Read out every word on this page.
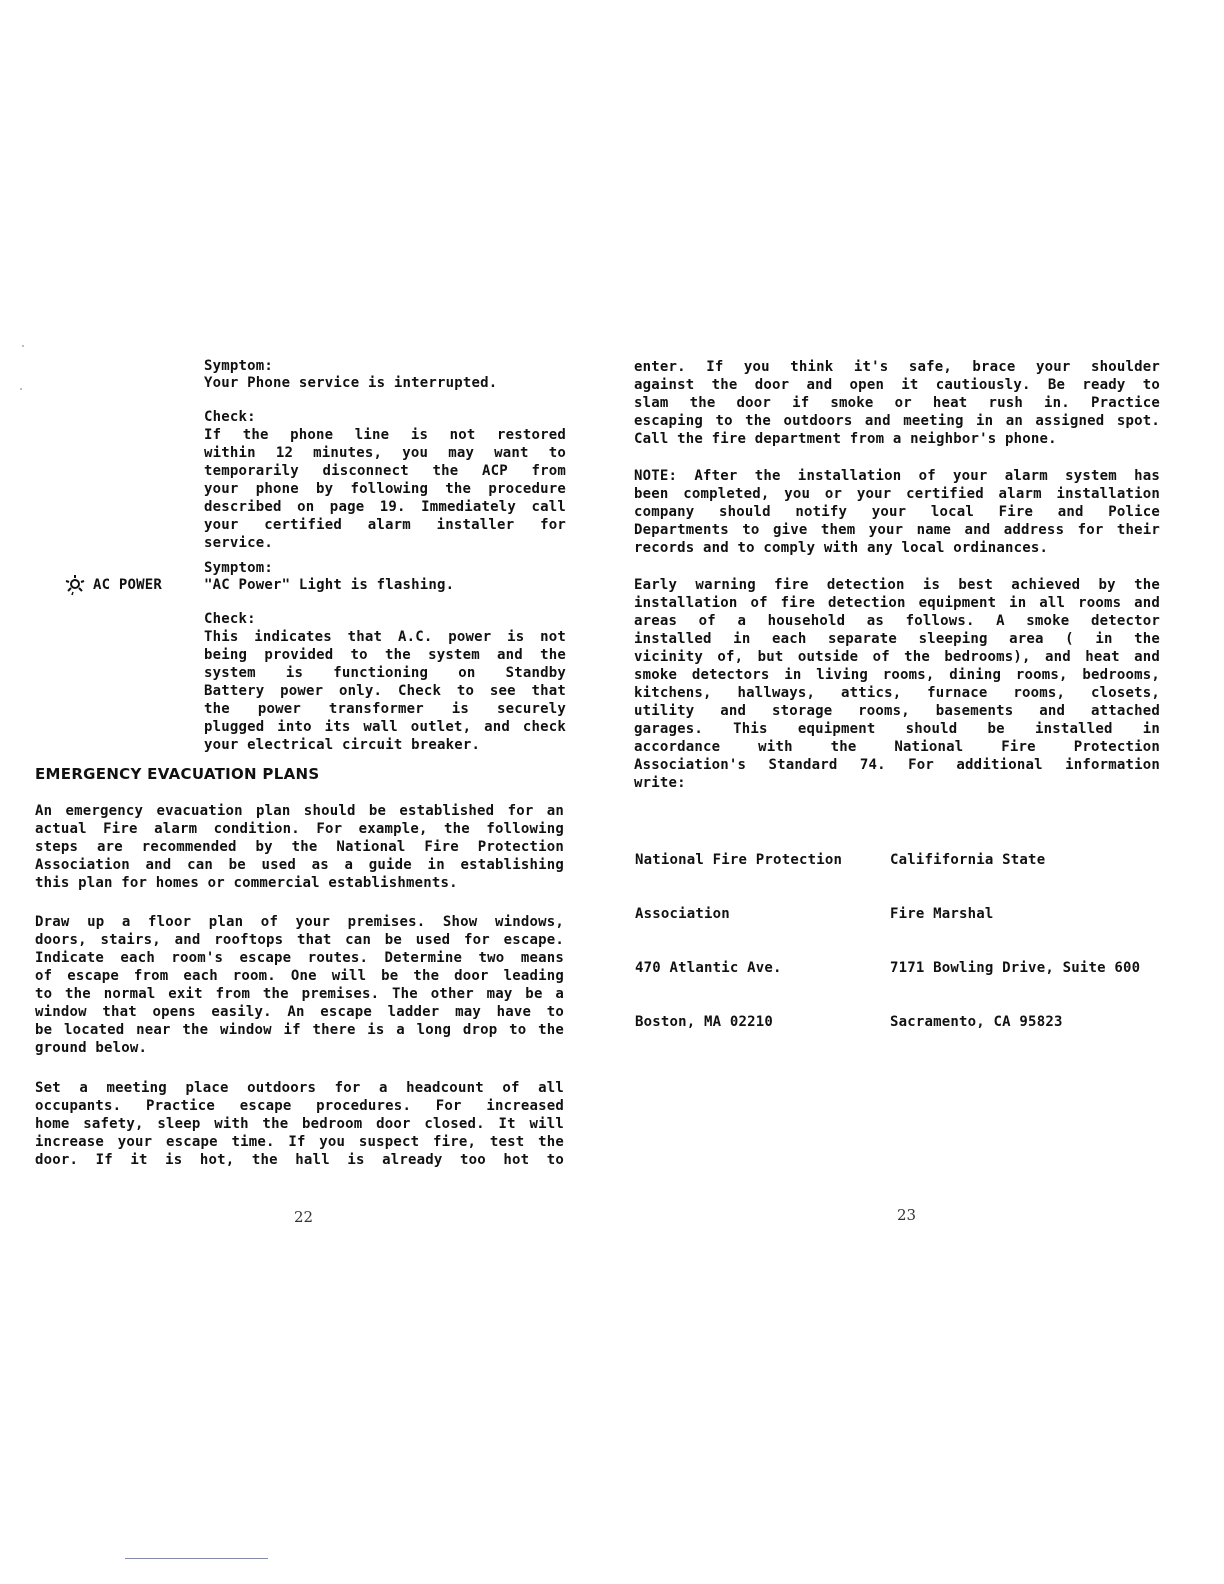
Symptom:
Your Phone service is interrupted.
Check:
If the phone line is not restored
within 12 minutes, you may want to
temporarily disconnect the ACP from
your phone by following the procedure
described on page 19. Immediately call
your certified alarm installer for
service.
AC POWER
Symptom:
"AC Power" Light is flashing.
Check:
This indicates that A.C. power is not
being provided to the system and the
system is functioning on Standby
Battery power only. Check to see that
the power transformer is securely
plugged into its wall outlet, and check
your electrical circuit breaker.
EMERGENCY EVACUATION PLANS
An emergency evacuation plan should be established for an
actual Fire alarm condition. For example, the following
steps are recommended by the National Fire Protection
Association and can be used as a guide in establishing
this plan for homes or commercial establishments.
Draw up a floor plan of your premises. Show windows,
doors, stairs, and rooftops that can be used for escape.
Indicate each room's escape routes. Determine two means
of escape from each room. One will be the door leading
to the normal exit from the premises. The other may be a
window that opens easily. An escape ladder may have to
be located near the window if there is a long drop to the
ground below.
Set a meeting place outdoors for a headcount of all
occupants. Practice escape procedures. For increased
home safety, sleep with the bedroom door closed. It will
increase your escape time. If you suspect fire, test the
door. If it is hot, the hall is already too hot to
22
enter. If you think it's safe, brace your shoulder
against the door and open it cautiously. Be ready to
slam the door if smoke or heat rush in. Practice
escaping to the outdoors and meeting in an assigned spot.
Call the fire department from a neighbor's phone.
NOTE: After the installation of your alarm system has
been completed, you or your certified alarm installation
company should notify your local Fire and Police
Departments to give them your name and address for their
records and to comply with any local ordinances.
Early warning fire detection is best achieved by the
installation of fire detection equipment in all rooms and
areas of a household as follows. A smoke detector
installed in each separate sleeping area ( in the
vicinity of, but outside of the bedrooms), and heat and
smoke detectors in living rooms, dining rooms, bedrooms,
kitchens, hallways, attics, furnace rooms, closets,
utility and storage rooms, basements and attached
garages. This equipment should be installed in
accordance with the National Fire Protection
Association's Standard 74. For additional information
write:

National Fire Protection

Association

470 Atlantic Ave.

Boston, MA 02210

Calififornia State

Fire Marshal

7171 Bowling Drive, Suite 600

Sacramento, CA 95823

23
